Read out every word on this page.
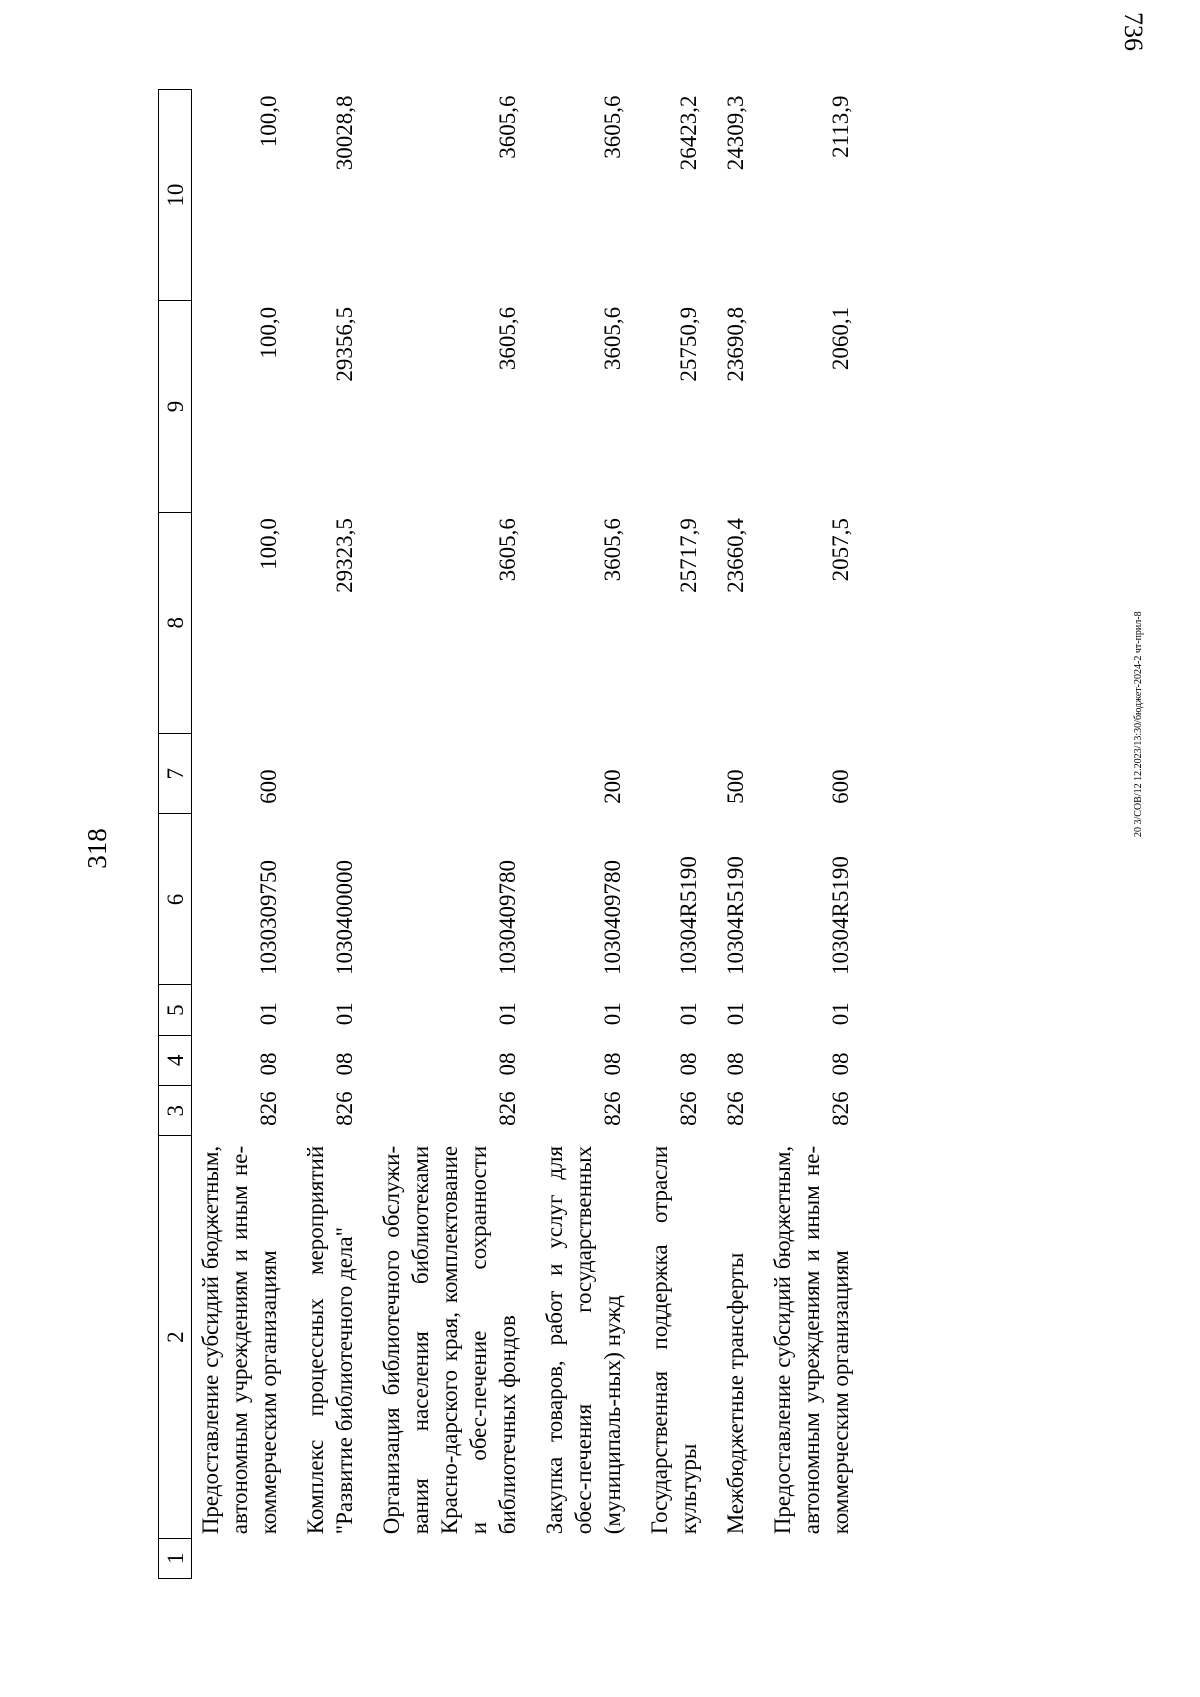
318
1	2	3	4	5	6	7	8	9	10
	Предоставление субсидий бюджетным, автономным учреждениям и иным не-коммерческим организациям	826	08	01	1030309750	600	100,0	100,0	100,0
	Комплекс процессных мероприятий "Развитие библиотечного дела"	826	08	01	1030400000		29323,5	29356,5	30028,8
	Организация библиотечного обслужи-вания населения библиотеками Красно-дарского края, комплектование и обес-печение сохранности библиотечных фондов	826	08	01	1030409780		3605,6	3605,6	3605,6
	Закупка товаров, работ и услуг для обес-печения государственных (муниципаль-ных) нужд	826	08	01	1030409780	200	3605,6	3605,6	3605,6
	Государственная поддержка отрасли культуры	826	08	01	10304R5190		25717,9	25750,9	26423,2
	Межбюджетные трансферты	826	08	01	10304R5190	500	23660,4	23690,8	24309,3
	Предоставление субсидий бюджетным, автономным учреждениям и иным не-коммерческим организациям	826	08	01	10304R5190	600	2057,5	2060,1	2113,9
20 3/СОВ/12 12.2023/13:30/бюджет-2024-2 чт-прил-8
736
